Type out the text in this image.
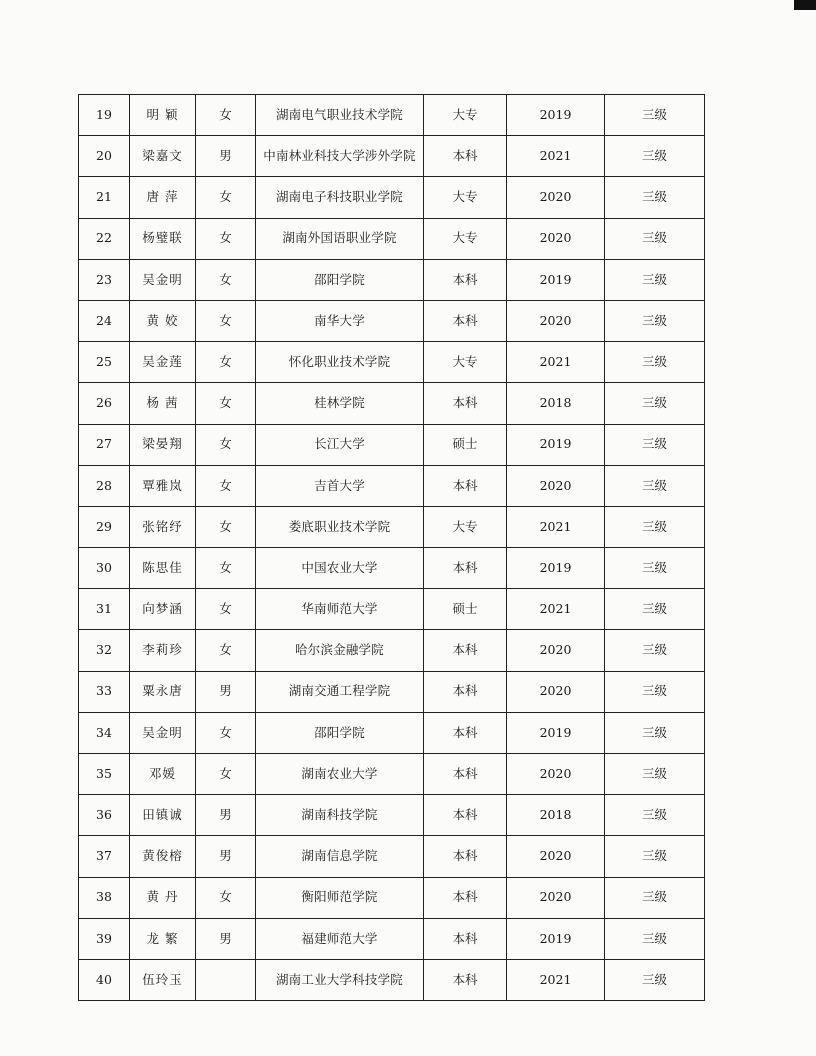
19	明 颖	女	湖南电气职业技术学院	大专	2019	三级
20	梁嘉文	男	中南林业科技大学涉外学院	本科	2021	三级
21	唐 萍	女	湖南电子科技职业学院	大专	2020	三级
22	杨璧联	女	湖南外国语职业学院	大专	2020	三级
23	吴金明	女	邵阳学院	本科	2019	三级
24	黄 姣	女	南华大学	本科	2020	三级
25	吴金莲	女	怀化职业技术学院	大专	2021	三级
26	杨 茜	女	桂林学院	本科	2018	三级
27	梁晏翔	女	长江大学	硕士	2019	三级
28	覃雅岚	女	吉首大学	本科	2020	三级
29	张铭纾	女	娄底职业技术学院	大专	2021	三级
30	陈思佳	女	中国农业大学	本科	2019	三级
31	向梦涵	女	华南师范大学	硕士	2021	三级
32	李莉珍	女	哈尔滨金融学院	本科	2020	三级
33	粟永唐	男	湖南交通工程学院	本科	2020	三级
34	吴金明	女	邵阳学院	本科	2019	三级
35	邓媛	女	湖南农业大学	本科	2020	三级
36	田镇诚	男	湖南科技学院	本科	2018	三级
37	黄俊榕	男	湖南信息学院	本科	2020	三级
38	黄 丹	女	衡阳师范学院	本科	2020	三级
39	龙 繁	男	福建师范大学	本科	2019	三级
40	伍玲玉		湖南工业大学科技学院	本科	2021	三级
